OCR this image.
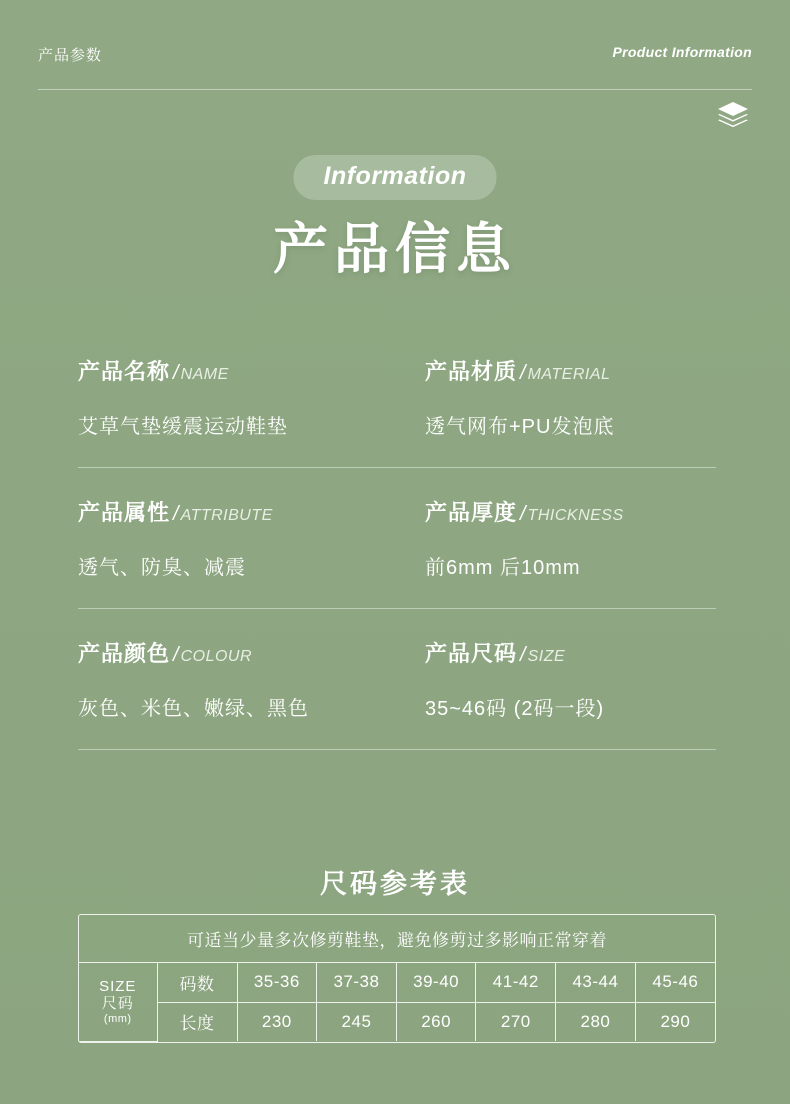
产品参数	Product Information
Information
产品信息
产品名称 / NAME
艾草气垫缓震运动鞋垫
产品材质 / MATERIAL
透气网布+PU发泡底
产品属性 / ATTRIBUTE
透气、防臭、减震
产品厚度 / THICKNESS
前6mm 后10mm
产品颜色 / COLOUR
灰色、米色、嫩绿、黑色
产品尺码 / SIZE
35~46码 (2码一段)
尺码参考表
可适当少量多次修剪鞋垫，避免修剪过多影响正常穿着
SIZE
尺码
(mm)	码数	35-36	37-38	39-40	41-42	43-44	45-46
	长度	230	245	260	270	280	290
